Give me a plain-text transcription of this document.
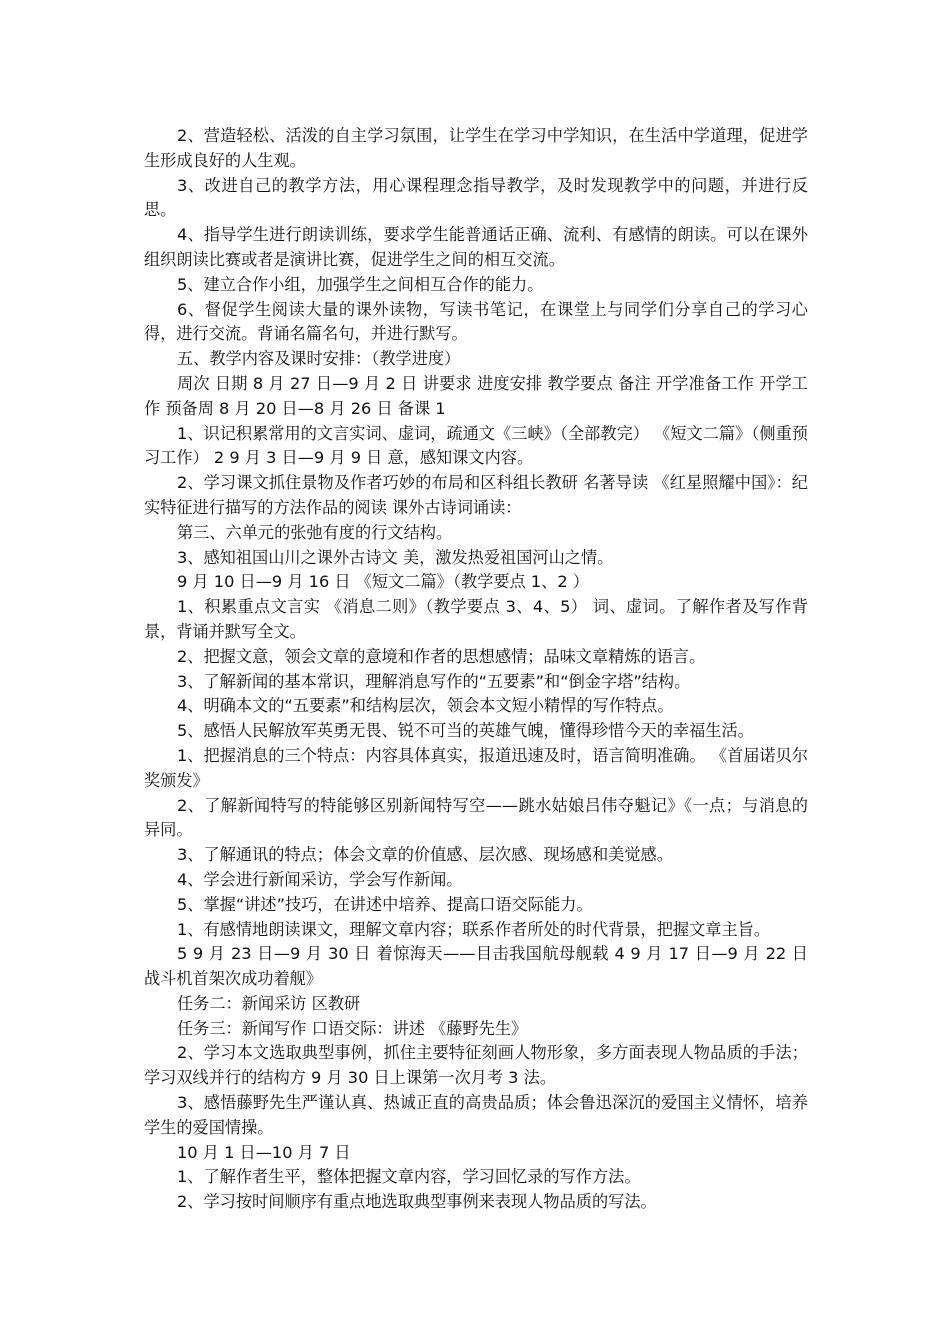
2、营造轻松、活泼的自主学习氛围，让学生在学习中学知识，在生活中学道理，促进学生形成良好的人生观。

3、改进自己的教学方法，用心课程理念指导教学，及时发现教学中的问题，并进行反思。

4、指导学生进行朗读训练，要求学生能普通话正确、流利、有感情的朗读。可以在课外组织朗读比赛或者是演讲比赛，促进学生之间的相互交流。

5、建立合作小组，加强学生之间相互合作的能力。

6、督促学生阅读大量的课外读物，写读书笔记，在课堂上与同学们分享自己的学习心得，进行交流。背诵名篇名句，并进行默写。

五、教学内容及课时安排：（教学进度）

周次 日期 8 月 27 日—9 月 2 日 讲要求 进度安排 教学要点 备注 开学准备工作 开学工作 预备周 8 月 20 日—8 月 26 日 备课 1

1、识记积累常用的文言实词、虚词，疏通文《三峡》（全部教完） 《短文二篇》（侧重预习工作） 2 9 月 3 日—9 月 9 日 意，感知课文内容。

2、学习课文抓住景物及作者巧妙的布局和区科组长教研 名著导读 《红星照耀中国》：纪实特征进行描写的方法作品的阅读 课外古诗词诵读：

第三、六单元的张弛有度的行文结构。

3、感知祖国山川之课外古诗文 美，激发热爱祖国河山之情。

9 月 10 日—9 月 16 日 《短文二篇》（教学要点 1、2 ）

1、积累重点文言实 《消息二则》（教学要点 3、4、5） 词、虚词。了解作者及写作背景，背诵并默写全文。

2、把握文意，领会文章的意境和作者的思想感情；品味文章精炼的语言。

3、了解新闻的基本常识，理解消息写作的“五要素”和“倒金字塔”结构。

4、明确本文的“五要素”和结构层次，领会本文短小精悍的写作特点。

5、感悟人民解放军英勇无畏、锐不可当的英雄气魄，懂得珍惜今天的幸福生活。

1、把握消息的三个特点：内容具体真实，报道迅速及时，语言简明准确。 《首届诺贝尔奖颁发》

2、了解新闻特写的特能够区别新闻特写空——跳水姑娘吕伟夺魁记》《一点；与消息的异同。

3、了解通讯的特点；体会文章的价值感、层次感、现场感和美觉感。

4、学会进行新闻采访，学会写作新闻。

5、掌握“讲述”技巧，在讲述中培养、提高口语交际能力。

1、有感情地朗读课文，理解文章内容；联系作者所处的时代背景，把握文章主旨。

5 9 月 23 日—9 月 30 日 着惊海天——目击我国航母舰载 4 9 月 17 日—9 月 22 日 战斗机首架次成功着舰》

任务二：新闻采访 区教研

任务三：新闻写作 口语交际：讲述 《藤野先生》

2、学习本文选取典型事例，抓住主要特征刻画人物形象，多方面表现人物品质的手法；学习双线并行的结构方 9 月 30 日上课第一次月考 3 法。

3、感悟藤野先生严谨认真、热诚正直的高贵品质；体会鲁迅深沉的爱国主义情怀，培养学生的爱国情操。

10 月 1 日—10 月 7 日

1、了解作者生平，整体把握文章内容，学习回忆录的写作方法。

2、学习按时间顺序有重点地选取典型事例来表现人物品质的写法。
